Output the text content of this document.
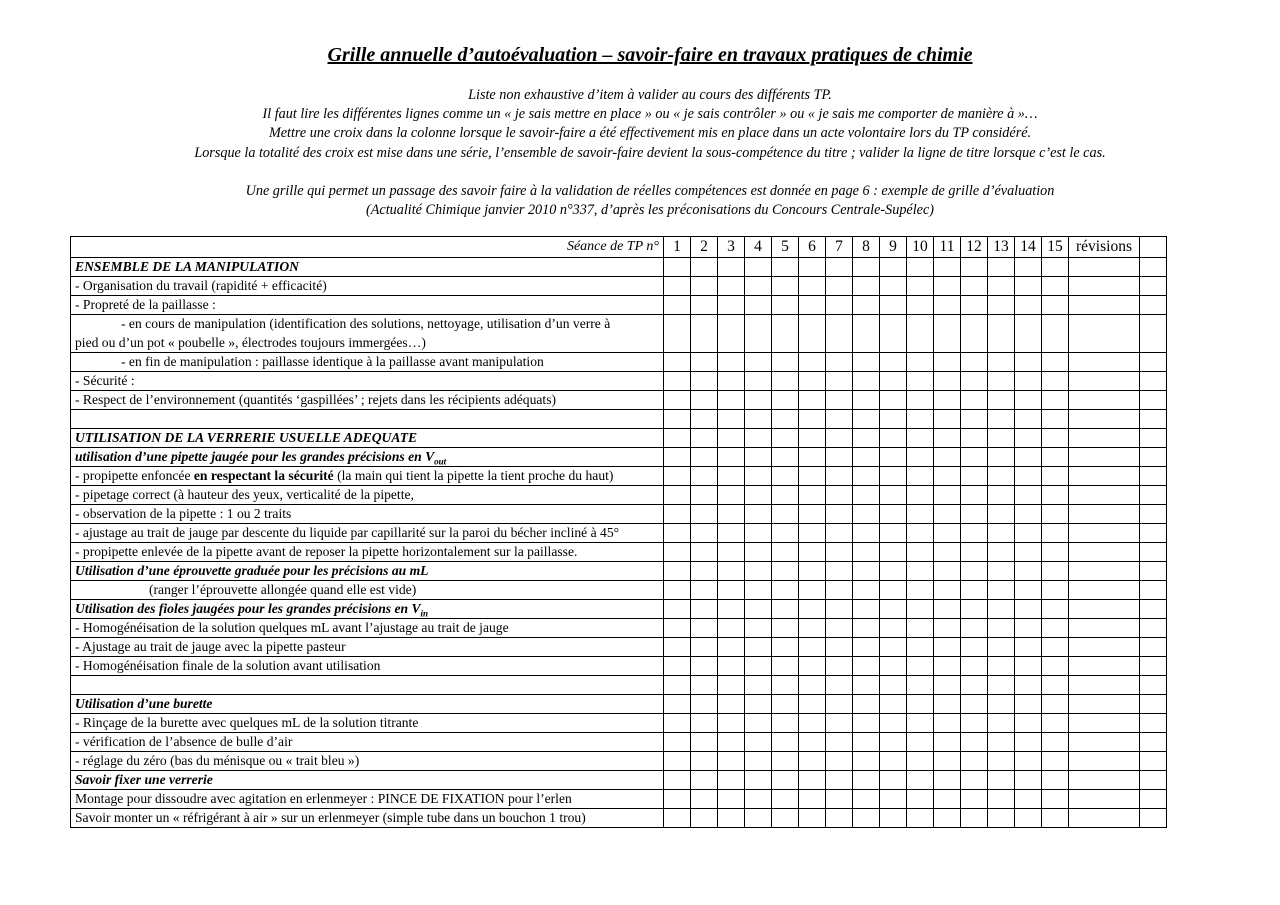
Grille annuelle d’autoévaluation – savoir-faire en travaux pratiques de chimie
Liste non exhaustive d’item à valider au cours des différents TP.
Il faut lire les différentes lignes comme un « je sais mettre en place » ou « je sais contrôler » ou « je sais me comporter de manière à »…
Mettre une croix dans la colonne lorsque le savoir-faire a été effectivement mis en place dans un acte volontaire lors du TP considéré.
Lorsque la totalité des croix est mise dans une série, l’ensemble de savoir-faire devient la sous-compétence du titre ; valider la ligne de titre lorsque c’est le cas.
Une grille qui permet un passage des savoir faire à la validation de réelles compétences est donnée en page 6 : exemple de grille d’évaluation
(Actualité Chimique janvier 2010 n°337, d’après les préconisations du Concours Centrale-Supélec)
Séance de TP n°	1	2	3	4	5	6	7	8	9	10	11	12	13	14	15	révisions	
ENSEMBLE DE LA MANIPULATION																	
- Organisation du travail (rapidité + efficacité)																	
- Propreté de la paillasse :																	
- en cours de manipulation (identification des solutions, nettoyage, utilisation d’un verre à
pied ou d’un pot « poubelle », électrodes toujours immergées…)																	

- en fin de manipulation : paillasse identique à la paillasse avant manipulation																	
- Sécurité :																	
- Respect de l’environnement (quantités ‘gaspillées’ ; rejets dans les récipients adéquats)																	

UTILISATION DE LA VERRERIE USUELLE ADEQUATE																	
utilisation d’une pipette jaugée pour les grandes précisions en $V_{out}$																	
- propipette enfoncée en respectant la sécurité (la main qui tient la pipette la tient proche du haut)																	
- pipetage correct (à hauteur des yeux, verticalité de la pipette,																	
- observation de la pipette : 1 ou 2 traits																	
- ajustage au trait de jauge par descente du liquide par capillarité sur la paroi du bécher incliné à 45°																	
- propipette enlevée de la pipette avant de reposer la pipette horizontalement sur la paillasse.																	
Utilisation d’une éprouvette graduée pour les précisions au mL																	
(ranger l’éprouvette allongée quand elle est vide)																	
Utilisation des fioles jaugées pour les grandes précisions en $V_{in}$																	
- Homogénéisation de la solution quelques mL avant l’ajustage au trait de jauge																	
- Ajustage au trait de jauge avec la pipette pasteur																	
- Homogénéisation finale de la solution avant utilisation																	

Utilisation d’une burette																	
- Rinçage de la burette avec quelques mL de la solution titrante																	
- vérification de l’absence de bulle d’air																	
- réglage du zéro (bas du ménisque ou « trait bleu »)																	
Savoir fixer une verrerie																	
Montage pour dissoudre avec agitation en erlenmeyer : PINCE DE FIXATION pour l’erlen																	
Savoir monter un « réfrigérant à air » sur un erlenmeyer (simple tube dans un bouchon 1 trou)																	
